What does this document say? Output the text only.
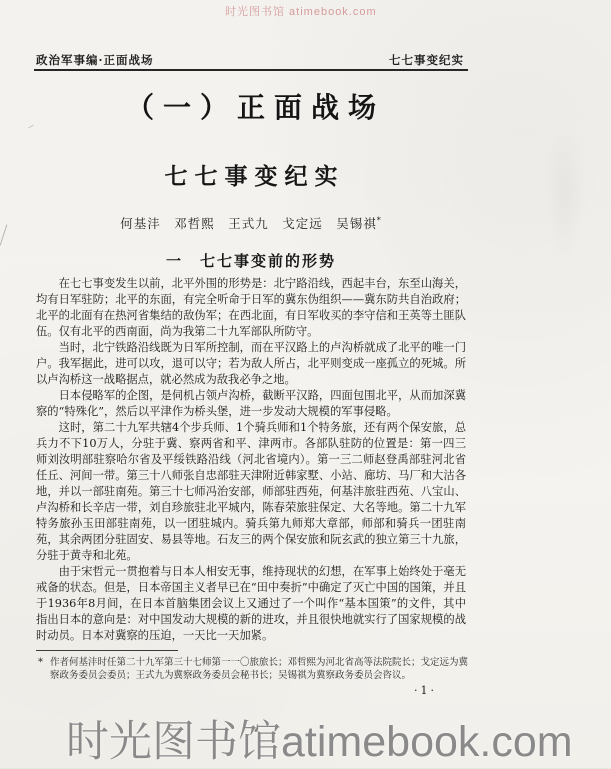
时光图书馆 atimebook.com
政治军事编·正面战场	七七事变纪实
（一）正面战场
七七事变纪实
何基沣　邓哲熙　王式九　戈定远　吴锡祺*
一　七七事变前的形势

在七七事变发生以前，北平外围的形势是：北宁路沿线，西起丰台，东至山海关，均有日军驻防；北平的东面，有完全听命于日军的冀东伪组织——冀东防共自治政府；北平的北面有在热河省集结的敌伪军；在西北面，有日军收买的李守信和王英等土匪队伍。仅有北平的西南面，尚为我第二十九军部队所防守。

当时，北宁铁路沿线既为日军所控制，而在平汉路上的卢沟桥就成了北平的唯一门户。我军据此，进可以攻，退可以守；若为敌人所占，北平则变成一座孤立的死城。所以卢沟桥这一战略据点，就必然成为敌我必争之地。

日本侵略军的企图，是伺机占领卢沟桥，截断平汉路，四面包围北平，从而加深冀察的“特殊化”，然后以平津作为桥头堡，进一步发动大规模的军事侵略。

这时，第二十九军共辖4个步兵师、1个骑兵师和1个特务旅，还有两个保安旅，总兵力不下10万人，分驻于冀、察两省和平、津两市。各部队驻防的位置是：第一四三师刘汝明部驻察哈尔省及平绥铁路沿线（河北省境内）。第一三二师赵登禹部驻河北省任丘、河间一带。第三十八师张自忠部驻天津附近韩家墅、小站、廊坊、马厂和大沽各地，并以一部驻南苑。第三十七师冯治安部，师部驻西苑，何基沣旅驻西苑、八宝山、卢沟桥和长辛店一带，刘自珍旅驻北平城内，陈春荣旅驻保定、大名等地。第二十九军特务旅孙玉田部驻南苑，以一团驻城内。骑兵第九师郑大章部，师部和骑兵一团驻南苑，其余两团分驻固安、易县等地。石友三的两个保安旅和阮玄武的独立第三十九旅，分驻于黄寺和北苑。

由于宋哲元一贯抱着与日本人相安无事，维持现状的幻想，在军事上始终处于毫无戒备的状态。但是，日本帝国主义者早已在“田中奏折”中确定了灭亡中国的国策，并且于1936年8月间，在日本首脑集团会议上又通过了一个叫作“基本国策”的文件，其中指出日本的意向是：对中国发动大规模的新的进攻，并且很快地就实行了国家规模的战时动员。日本对冀察的压迫，一天比一天加紧。

* 作者何基沣时任第二十九军第三十七师第一一〇旅旅长；邓哲熙为河北省高等法院院长；戈定远为冀察政务委员会委员；王式九为冀察政务委员会秘书长；吴锡祺为冀察政务委员会咨议。
·1·
时光图书馆atimebook.com
